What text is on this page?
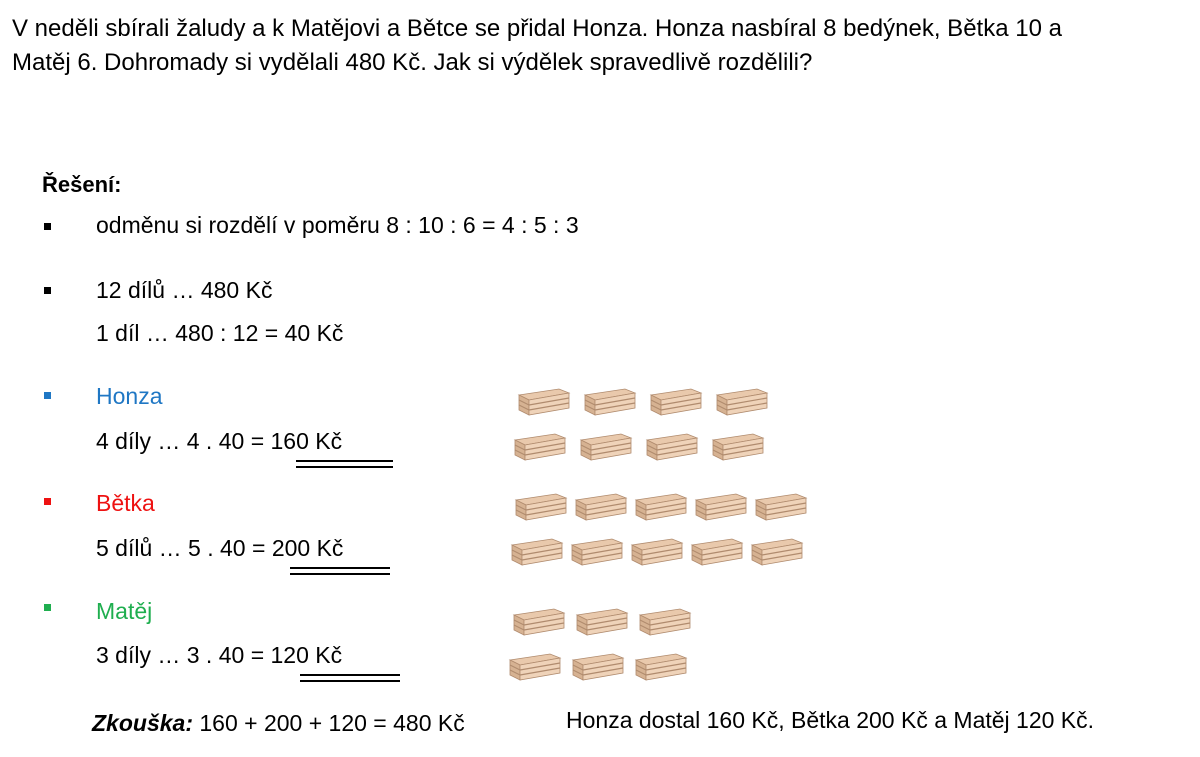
V neděli sbírali žaludy a k Matějovi a Bětce se přidal Honza. Honza nasbíral 8 bedýnek, Bětka 10 a
Matěj 6. Dohromady si vydělali 480 Kč. Jak si výdělek spravedlivě rozdělili?
Řešení:
odměnu si rozdělí v poměru 8 : 10 : 6 = 4 : 5 : 3
12 dílů … 480 Kč
1 díl … 480 : 12 = 40 Kč
Honza
4 díly … 4 . 40 = 160 Kč
Bětka
5 dílů … 5 . 40 = 200 Kč
Matěj
3 díly … 3 . 40 = 120 Kč
Zkouška: 160 + 200 + 120 = 480 Kč	Honza dostal 160 Kč, Bětka 200 Kč a Matěj 120 Kč.
